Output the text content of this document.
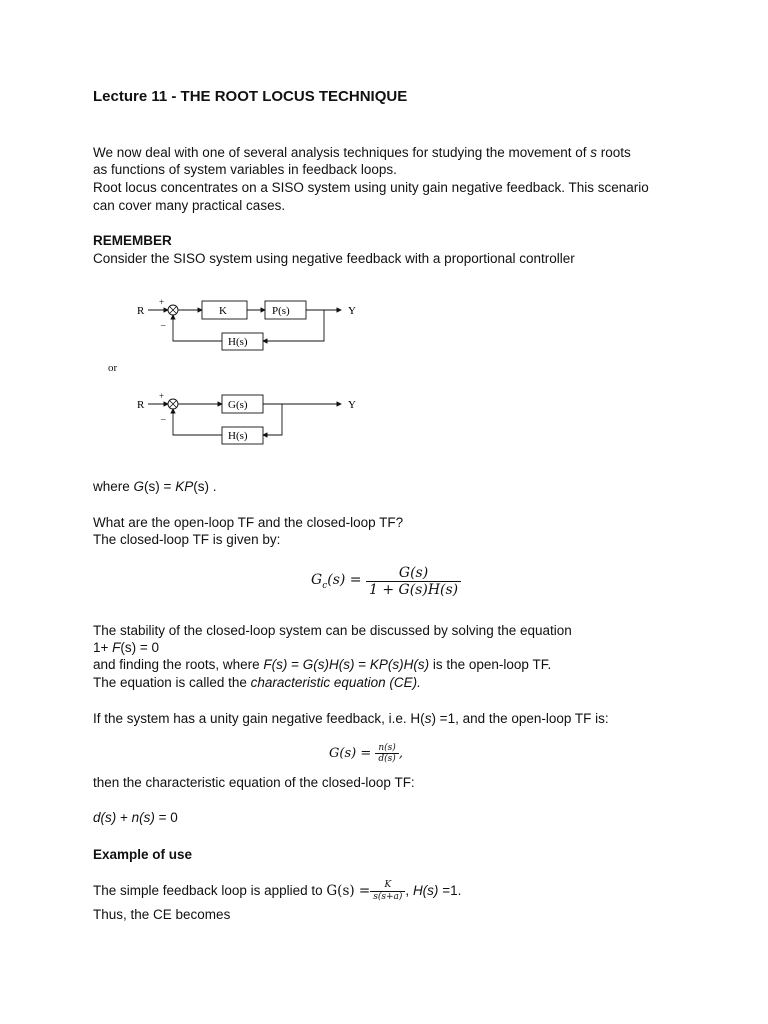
Lecture 11 - THE ROOT LOCUS TECHNIQUE
We now deal with one of several analysis techniques for studying the movement of s roots
as functions of system variables in feedback loops.
Root locus concentrates on a SISO system using unity gain negative feedback. This scenario
can cover many practical cases.
REMEMBER
Consider the SISO system using negative feedback with a proportional controller
R
+
–
K	P(s)	Y
H(s)
or
R
+
–
G(s)	Y
H(s)
where G(s) = KP(s) .
What are the open-loop TF and the closed-loop TF?
The closed-loop TF is given by:
$G_c(s) = \frac{G(s)}{1 + G(s)H(s)}$
The stability of the closed-loop system can be discussed by solving the equation
1+ F(s) = 0
and finding the roots, where F(s) = G(s)H(s) = KP(s)H(s) is the open-loop TF.
The equation is called the characteristic equation (CE).
If the system has a unity gain negative feedback, i.e. H(s) =1, and the open-loop TF is:
$G(s) = \frac{n(s)}{d(s)}$ ,
then the characteristic equation of the closed-loop TF:
d(s) + n(s) = 0
Example of use
The simple feedback loop is applied to $G(s) = \frac{K}{s(s+a)}$ , H(s) =1.
Thus, the CE becomes
